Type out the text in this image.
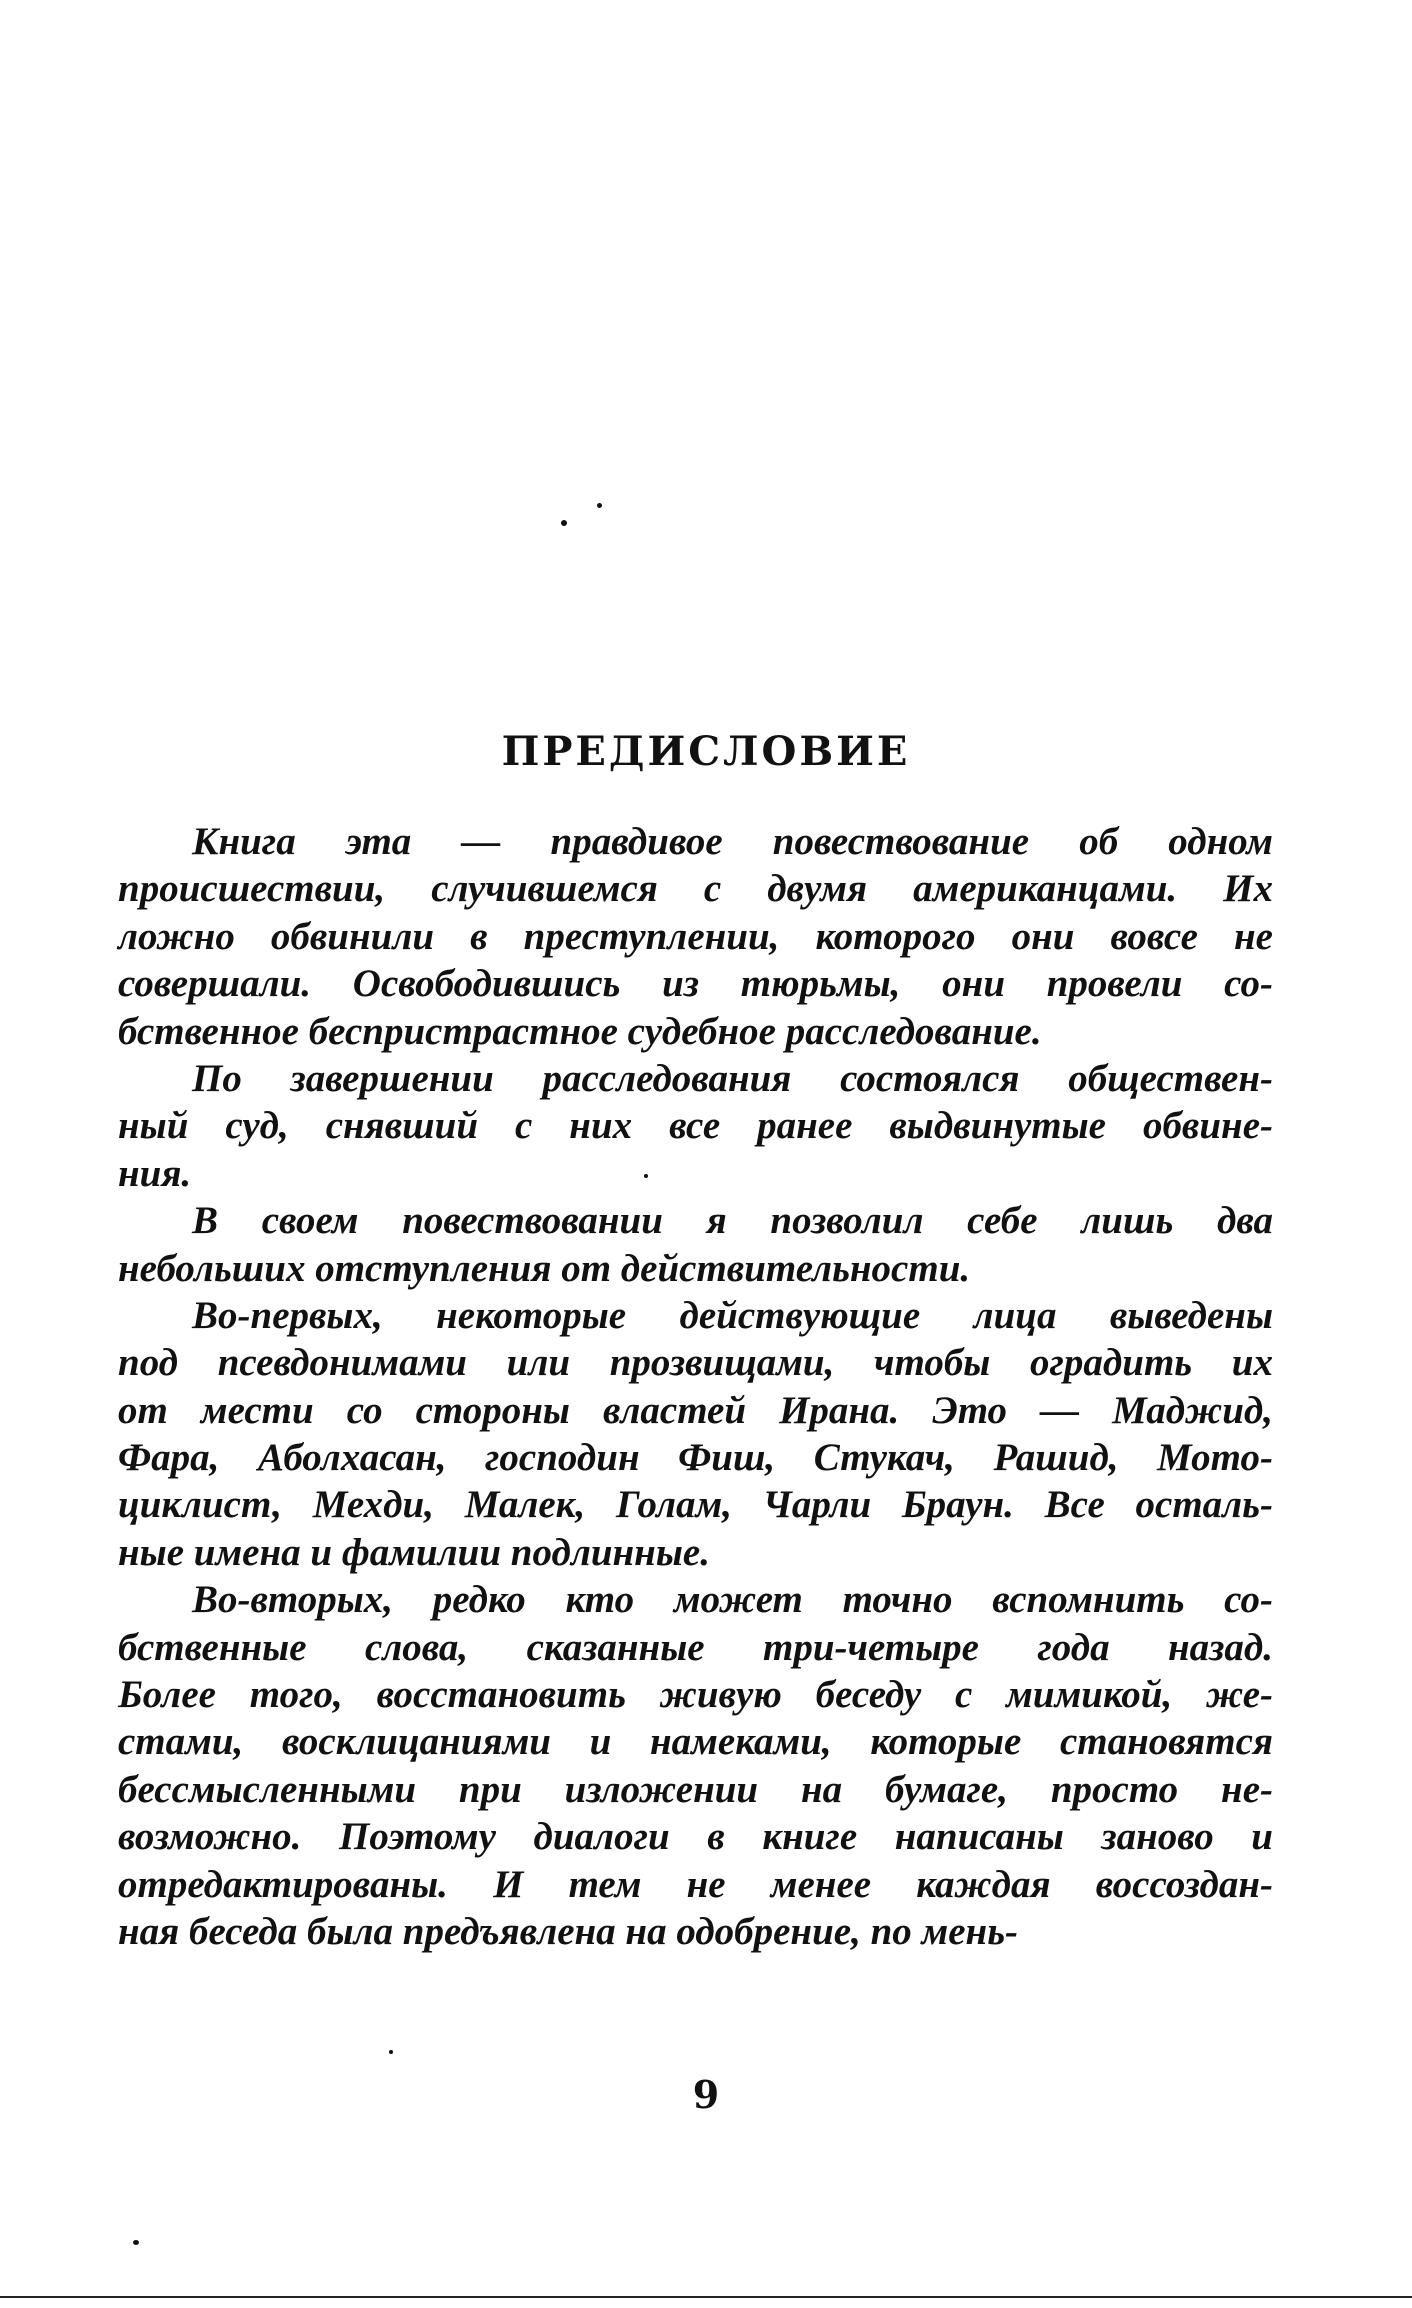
ПРЕДИСЛОВИЕ
Книга эта — правдивое повествование об одном
происшествии, случившемся с двумя американцами. Их
ложно обвинили в преступлении, которого они вовсе не
совершали. Освободившись из тюрьмы, они провели со-
бственное беспристрастное судебное расследование.
По завершении расследования состоялся обществен-
ный суд, снявший с них все ранее выдвинутые обвине-
ния.
В своем повествовании я позволил себе лишь два
небольших отступления от действительности.
Во-первых, некоторые действующие лица выведены
под псевдонимами или прозвищами, чтобы оградить их
от мести со стороны властей Ирана. Это — Маджид,
Фара, Аболхасан, господин Фиш, Стукач, Рашид, Мото-
циклист, Мехди, Малек, Голам, Чарли Браун. Все осталь-
ные имена и фамилии подлинные.
Во-вторых, редко кто может точно вспомнить со-
бственные слова, сказанные три-четыре года назад.
Более того, восстановить живую беседу с мимикой, же-
стами, восклицаниями и намеками, которые становятся
бессмысленными при изложении на бумаге, просто не-
возможно. Поэтому диалоги в книге написаны заново и
отредактированы. И тем не менее каждая воссоздан-
ная беседа была предъявлена на одобрение, по мень-
9
